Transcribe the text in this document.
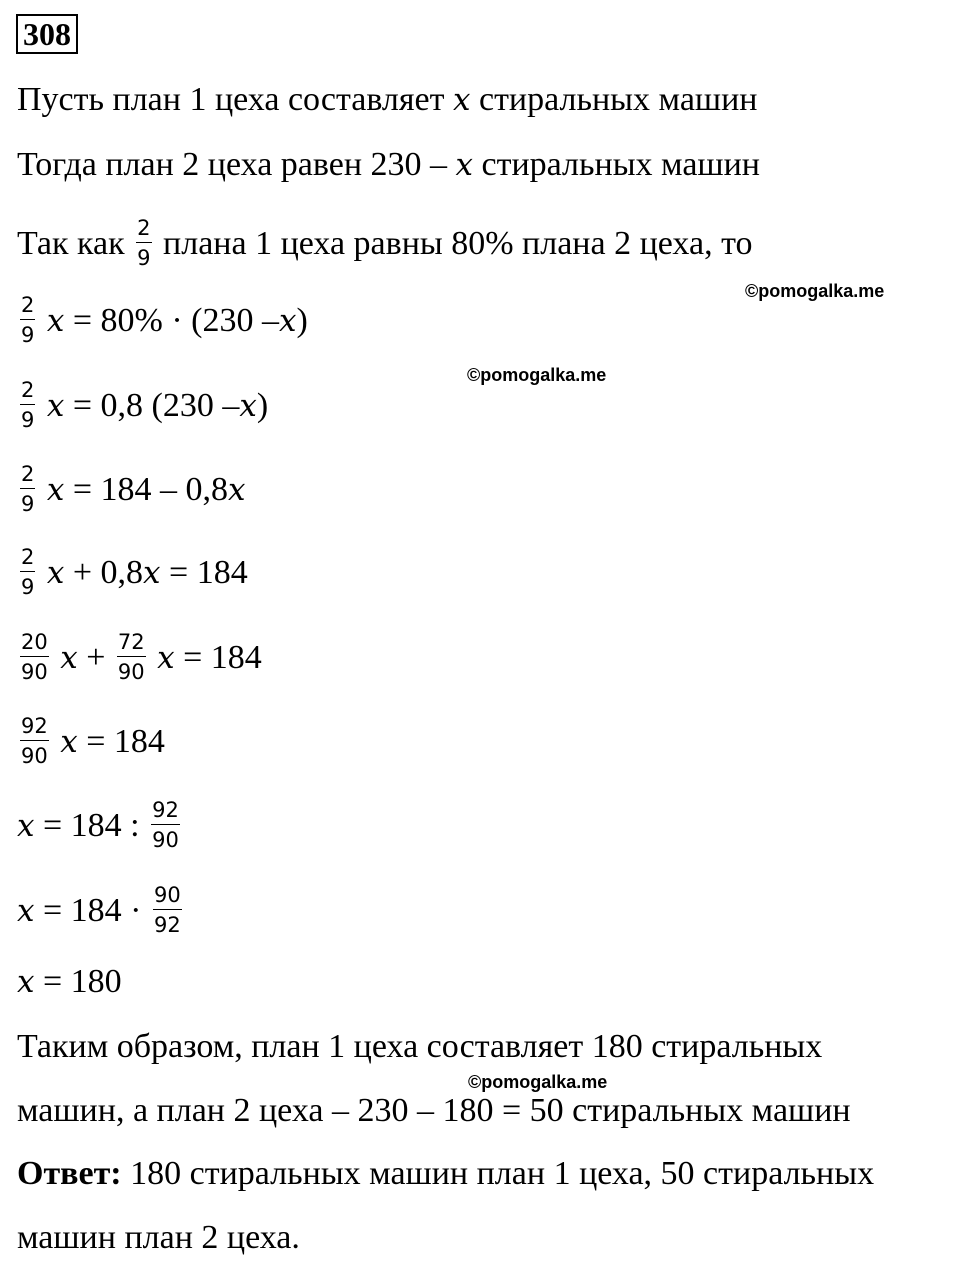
308
©pomogalka.me
©pomogalka.me
©pomogalka.me
Пусть план 1 цеха составляет x стиральных машин
Тогда план 2 цеха равен 230 – x стиральных машин
Так как $\frac{2}{9}$ плана 1 цеха равны 80% плана 2 цеха, то
$\frac{2}{9}$ x = 80% · (230 –x)
$\frac{2}{9}$ x = 0,8 (230 –x)
$\frac{2}{9}$ x = 184 – 0,8x
$\frac{2}{9}$ x + 0,8x = 184
$\frac{20}{90}$ $x + \frac{72}{90}$ x = 184
$\frac{92}{90}$ x = 184
x = 184 : $\frac{92}{90}$
$x = 184 \cdot \frac{90}{92}$
x = 180
Таким образом, план 1 цеха составляет 180 стиральных
машин, а план 2 цеха – 230 – 180 = 50 стиральных машин
Ответ: 180 стиральных машин план 1 цеха, 50 стиральных
машин план 2 цеха.
